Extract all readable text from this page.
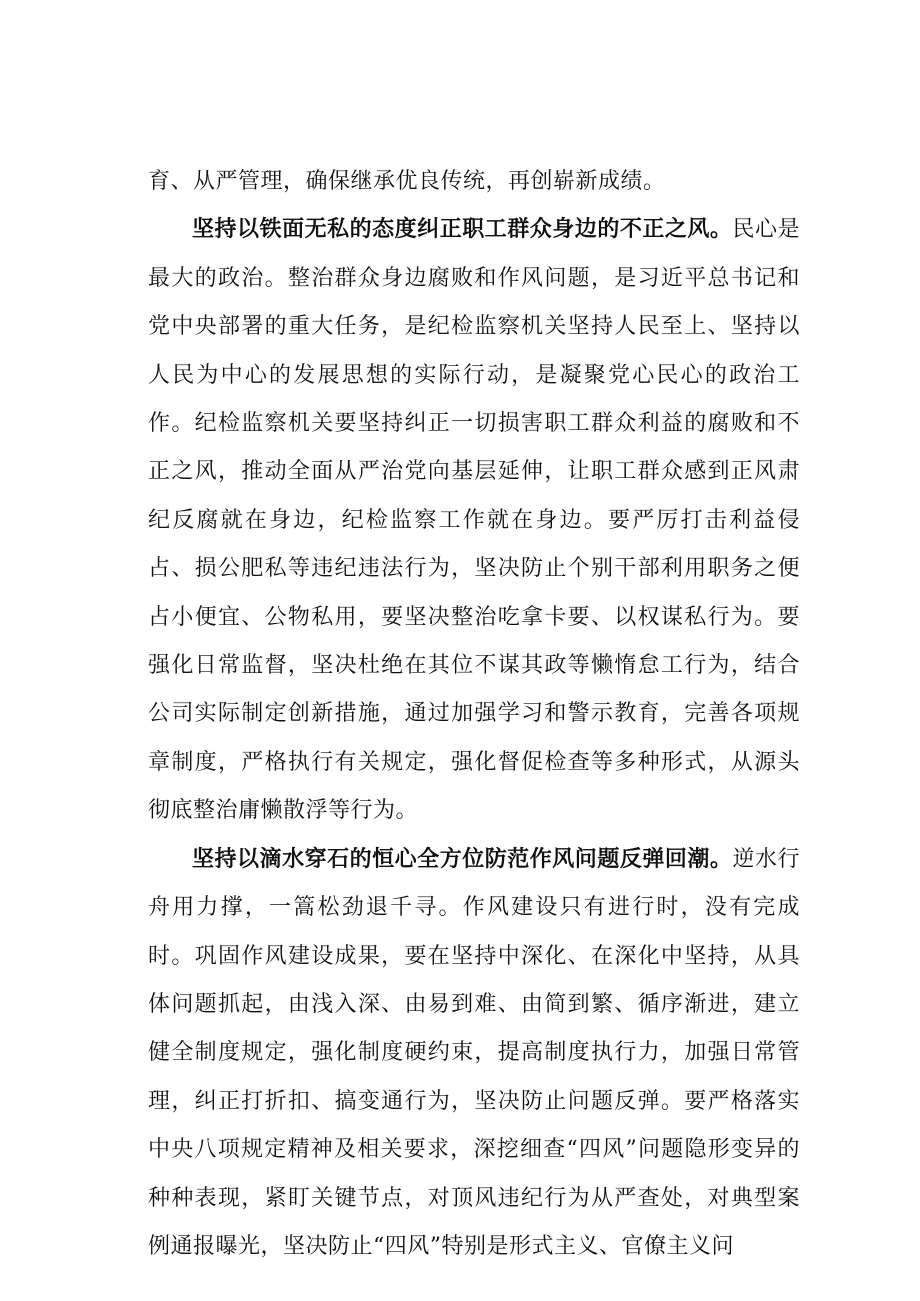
育、从严管理，确保继承优良传统，再创崭新成绩。

坚持以铁面无私的态度纠正职工群众身边的不正之风。民心是最大的政治。整治群众身边腐败和作风问题，是习近平总书记和党中央部署的重大任务，是纪检监察机关坚持人民至上、坚持以人民为中心的发展思想的实际行动，是凝聚党心民心的政治工作。纪检监察机关要坚持纠正一切损害职工群众利益的腐败和不正之风，推动全面从严治党向基层延伸，让职工群众感到正风肃纪反腐就在身边，纪检监察工作就在身边。要严厉打击利益侵占、损公肥私等违纪违法行为，坚决防止个别干部利用职务之便占小便宜、公物私用，要坚决整治吃拿卡要、以权谋私行为。要强化日常监督，坚决杜绝在其位不谋其政等懒惰怠工行为，结合公司实际制定创新措施，通过加强学习和警示教育，完善各项规章制度，严格执行有关规定，强化督促检查等多种形式，从源头彻底整治庸懒散浮等行为。

坚持以滴水穿石的恒心全方位防范作风问题反弹回潮。逆水行舟用力撑，一篙松劲退千寻。作风建设只有进行时，没有完成时。巩固作风建设成果，要在坚持中深化、在深化中坚持，从具体问题抓起，由浅入深、由易到难、由简到繁、循序渐进，建立健全制度规定，强化制度硬约束，提高制度执行力，加强日常管理，纠正打折扣、搞变通行为，坚决防止问题反弹。要严格落实中央八项规定精神及相关要求，深挖细查“四风”问题隐形变异的种种表现，紧盯关键节点，对顶风违纪行为从严查处，对典型案例通报曝光，坚决防止“四风”特别是形式主义、官僚主义问
